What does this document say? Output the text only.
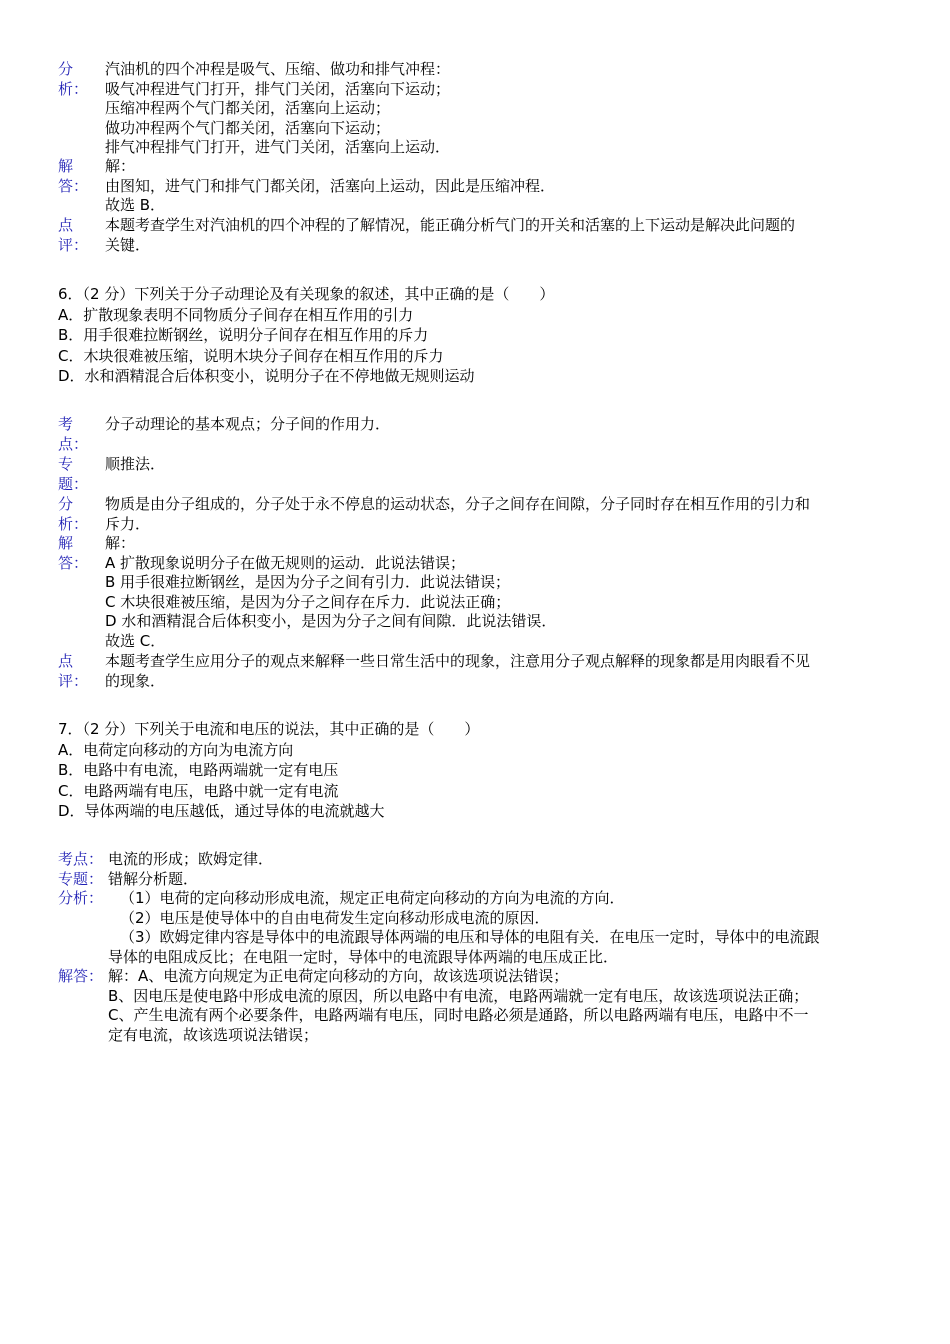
分
析：
汽油机的四个冲程是吸气、压缩、做功和排气冲程：
吸气冲程进气门打开，排气门关闭，活塞向下运动；
压缩冲程两个气门都关闭，活塞向上运动；
做功冲程两个气门都关闭，活塞向下运动；
排气冲程排气门打开，进气门关闭，活塞向上运动．
解
答：
解：
由图知，进气门和排气门都关闭，活塞向上运动，因此是压缩冲程．
故选 B．
点
评：
本题考查学生对汽油机的四个冲程的了解情况，能正确分析气门的开关和活塞的上下运动是解决此问题的
关键．
6．（2 分）下列关于分子动理论及有关现象的叙述，其中正确的是（　　）
A．扩散现象表明不同物质分子间存在相互作用的引力
B．用手很难拉断钢丝，说明分子间存在相互作用的斥力
C．木块很难被压缩，说明木块分子间存在相互作用的斥力
D．水和酒精混合后体积变小，说明分子在不停地做无规则运动
考
点：
分子动理论的基本观点；分子间的作用力．
专
题：
顺推法．
分
析：
物质是由分子组成的，分子处于永不停息的运动状态，分子之间存在间隙，分子同时存在相互作用的引力和
斥力．
解
答：
解：
A 扩散现象说明分子在做无规则的运动．此说法错误；
B 用手很难拉断钢丝，是因为分子之间有引力．此说法错误；
C 木块很难被压缩，是因为分子之间存在斥力．此说法正确；
D 水和酒精混合后体积变小，是因为分子之间有间隙．此说法错误．
故选 C．
点
评：
本题考查学生应用分子的观点来解释一些日常生活中的现象，注意用分子观点解释的现象都是用肉眼看不见
的现象．
7．（2 分）下列关于电流和电压的说法，其中正确的是（　　）
A．电荷定向移动的方向为电流方向
B．电路中有电流，电路两端就一定有电压
C．电路两端有电压，电路中就一定有电流
D．导体两端的电压越低，通过导体的电流就越大
考点： 电流的形成；欧姆定律．
专题： 错解分析题．
分析：	（1）电荷的定向移动形成电流，规定正电荷定向移动的方向为电流的方向．
（2）电压是使导体中的自由电荷发生定向移动形成电流的原因．
（3）欧姆定律内容是导体中的电流跟导体两端的电压和导体的电阻有关．在电压一定时，导体中的电流跟
导体的电阻成反比；在电阻一定时，导体中的电流跟导体两端的电压成正比．
解答： 解：A、电流方向规定为正电荷定向移动的方向，故该选项说法错误；
B、因电压是使电路中形成电流的原因，所以电路中有电流，电路两端就一定有电压，故该选项说法正确；
C、产生电流有两个必要条件，电路两端有电压，同时电路必须是通路，所以电路两端有电压，电路中不一
定有电流，故该选项说法错误；
